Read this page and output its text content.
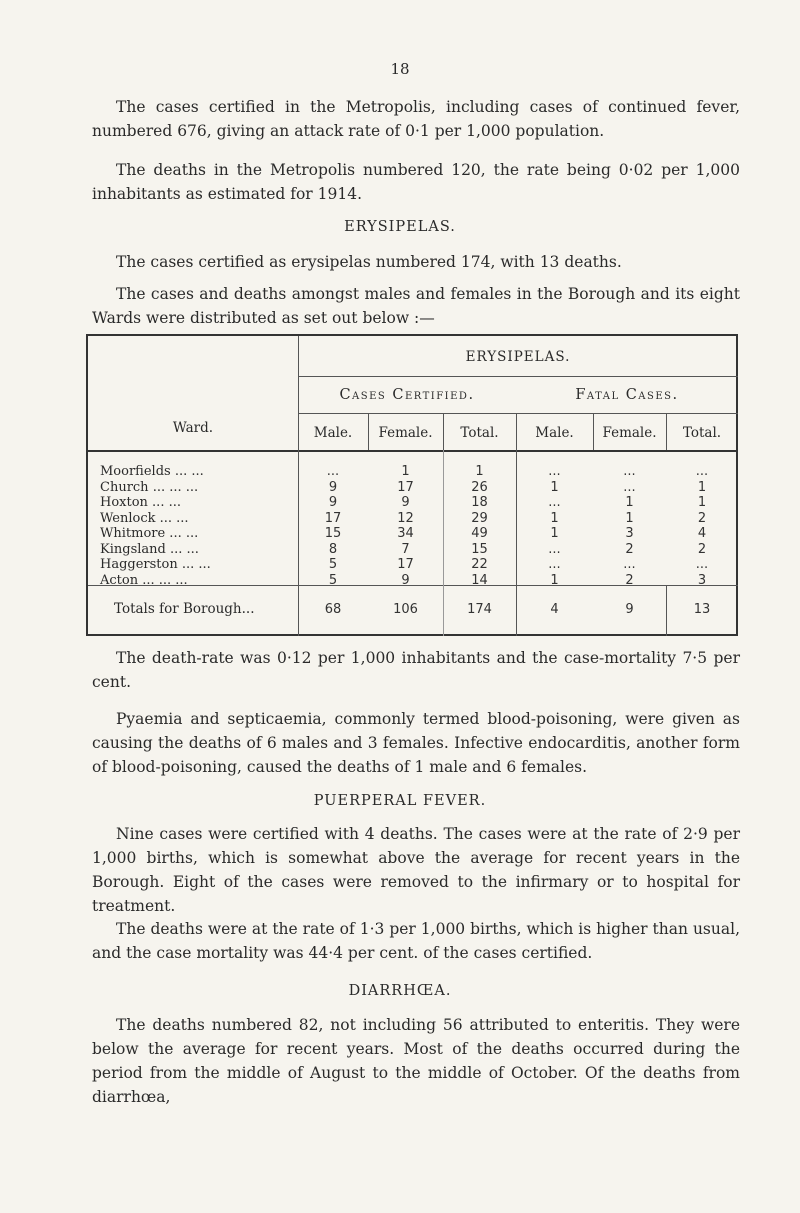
18

The cases certified in the Metropolis, including cases of continued fever, numbered 676, giving an attack rate of 0·1 per 1,000 population.

The deaths in the Metropolis numbered 120, the rate being 0·02 per 1,000 inhabitants as estimated for 1914.

ERYSIPELAS.

The cases certified as erysipelas numbered 174, with 13 deaths.

The cases and deaths amongst males and females in the Borough and its eight Wards were distributed as set out below :—

Ward.
ERYSIPELAS.
Cases Certified.	Fatal Cases.
Male.	Female.	Total.	Male.	Female.	Total.
Moorfields ... ...	...	1	1	...	...	...
Church ... ... ...	9	17	26	1	...	1
Hoxton ... ...	9	9	18	...	1	1
Wenlock ... ...	17	12	29	1	1	2
Whitmore ... ...	15	34	49	1	3	4
Kingsland ... ...	8	7	15	...	2	2
Haggerston ... ...	5	17	22	...	...	...
Acton ... ... ...	5	9	14	1	2	3
Totals for Borough...	68	106	174	4	9	13

The death-rate was 0·12 per 1,000 inhabitants and the case-mortality 7·5 per cent.

Pyaemia and septicaemia, commonly termed blood-poisoning, were given as causing the deaths of 6 males and 3 females. Infective endocarditis, another form of blood-poisoning, caused the deaths of 1 male and 6 females.

PUERPERAL FEVER.

Nine cases were certified with 4 deaths. The cases were at the rate of 2·9 per 1,000 births, which is somewhat above the average for recent years in the Borough. Eight of the cases were removed to the infirmary or to hospital for treatment.

The deaths were at the rate of 1·3 per 1,000 births, which is higher than usual, and the case mortality was 44·4 per cent. of the cases certified.

DIARRHŒA.

The deaths numbered 82, not including 56 attributed to enteritis. They were below the average for recent years. Most of the deaths occurred during the period from the middle of August to the middle of October. Of the deaths from diarrhœa,
